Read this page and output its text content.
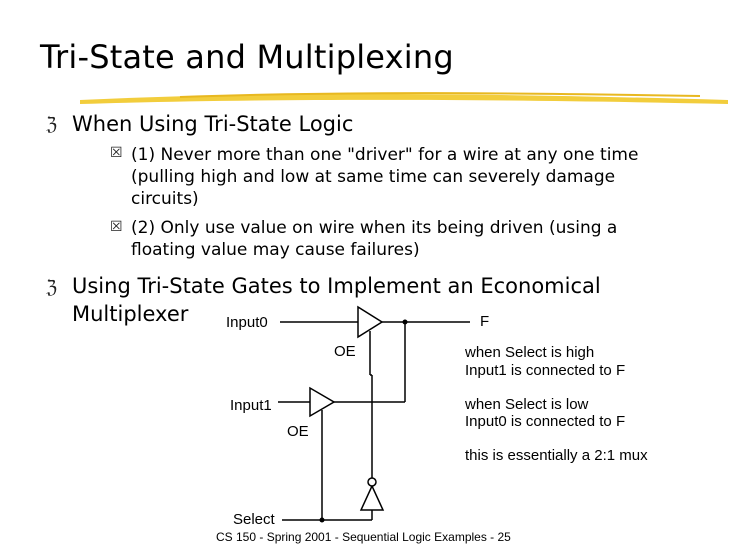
Tri-State and Multiplexing
ℨ When Using Tri-State Logic
☒ (1) Never more than one "driver" for a wire at any one time
(pulling high and low at same time can severely damage
circuits)
☒ (2) Only use value on wire when its being driven (using a
floating value may cause failures)
ℨ Using Tri-State Gates to Implement an Economical
Multiplexer	Input0	F
OE
Input1
OE
Select
when Select is high
Input1 is connected to F
when Select is low
Input0 is connected to F
this is essentially a 2:1 mux
CS 150 - Spring 2001 - Sequential Logic Examples - 25
